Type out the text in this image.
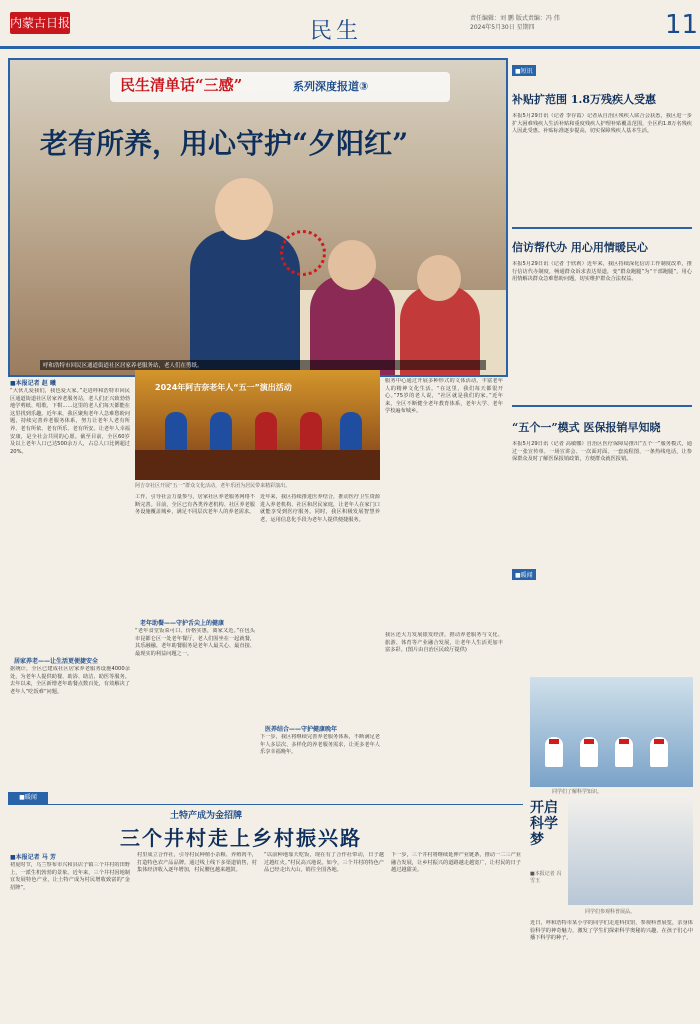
内蒙古日报	民生
责任编辑：刘 鹏 版式责编：冯 伟
2024年5月30日 星期四	11
民生清单话“三感”	系列深度报道③
老有所养，用心守护“夕阳红”
呼和浩特市回民区通道街道社区居家养老服务站，老人们在剪纸。
■本报记者 赵 曦
“大伙儿爱我们，我也爱大家。”走进呼和浩特市回民区通道街道社区居家养老服务站，老人们正兴致勃勃地学剪纸、唱歌、下棋……这里的老人们每天都能在这里找到乐趣。近年来，我区聚焦老年人急难愁盼问题，持续完善养老服务体系，努力让老年人老有所养、老有所依、老有所乐、老有所安。让老年人幸福安康，是全社会共同的心愿。截至目前，全区60岁及以上老年人口已达500余万人，占总人口比例超过20%。
居家养老——让生活更便捷安全
据统计，全区已建成社区居家养老服务设施4000余处，为老年人提供助餐、助浴、助洁、助医等服务。去年以来，全区新增老年助餐点数百处，有效解决了老年人“吃饭难”问题。
2024年阿吉奈老年人“五一”演出活动
阿吉奈社区开展“五一”群众文化活动，老年乐团为居民带来精彩演出。
工作，引导社会力量参与，居家社区养老服务网络不断完善。目前，全区已有各类养老机构、社区养老服务设施覆盖城乡，满足不同层次老年人的养老需求。
老年助餐——守护舌尖上的健康
“老年食堂饭菜可口、价格实惠，离家又近。”在包头市昆都仑区一处老年餐厅，老人们围坐在一起就餐，其乐融融。老年助餐服务是老年人最关心、最直接、最现实的利益问题之一。
近年来，我区持续推进医养结合，推动医疗卫生资源进入养老机构、社区和居民家庭，让老年人在家门口就能享受到医疗服务。同时，我区积极发展智慧养老，运用信息化手段为老年人提供便捷服务。
医养结合——守护健康晚年
下一步，我区将继续完善养老服务体系，不断满足老年人多层次、多样化的养老服务需求，让更多老年人乐享幸福晚年。
服务中心通过开展多种形式的文体活动，丰富老年人的精神文化生活。“在这里，我们每天都很开心。”75岁的老人说，“社区就是我们的家。”近年来，全区不断健全老年教育体系，老年大学、老年学校遍布城乡。
我区还大力发展银发经济，推动养老服务与文化、旅游、体育等产业融合发展，让老年人生活更加丰富多彩。(图片由自治区民政厅提供)
■短讯
补贴扩范围 1.8万残疾人受惠
本报5月29日讯（记者 李存霞）记者从自治区残疾人联合会获悉，我区进一步扩大困难残疾人生活补贴和重度残疾人护理补贴覆盖范围，全区约1.8万名残疾人因此受惠。补贴标准逐步提高，切实保障残疾人基本生活。
信访帮代办 用心用情暖民心
本报5月29日讯（记者 于欣莉）近年来，我区持续深化信访工作制度改革，推行信访代办制度，畅通群众诉求表达渠道，变“群众跑腿”为“干部跑腿”，用心用情解决群众急难愁盼问题，切实维护群众合法权益。
“五个一”模式 医保报销早知晓
本报5月29日讯（记者 高敏娜）自治区医疗保障局推出“五个一”服务模式，通过一张宣传单、一场宣讲会、一次面对面、一套流程图、一条热线电话，让参保群众及时了解医保报销政策，方便群众就医报销。
■暖闻
同学们了解科学知识。
开启科学梦
■本报记者 冯雪玉
同学们参观科普展品。
近日，呼和浩特市某小学的同学们走进科技馆，参观科普展览，亲身体验科学的神奇魅力，激发了学生们探索科学奥秘的兴趣，在孩子们心中播下科学的种子。
■暖闻
土特产成为金招牌
三个井村走上乡村振兴路
■本报记者 马 芳
初夏时节，乌兰察布市兴和县店子镇三个井村的田野上，一派生机勃勃的景象。近年来，三个井村因地制宜发展特色产业，让土特产成为村民增收致富的“金招牌”。
村里成立合作社，引导村民种植小杂粮、养殖肉羊，打造特色农产品品牌。通过线上线下多渠道销售，村集体经济收入逐年增加，村民腰包越来越鼓。
“以前种地靠天吃饭，现在有了合作社带动，日子越过越红火。”村民高兴地说。如今，三个井村的特色产品已经走出大山，销往全国各地。
下一步，三个井村将继续延伸产业链条，推动一二三产业融合发展，让乡村振兴的道路越走越宽广，让村民的日子越过越甜美。
